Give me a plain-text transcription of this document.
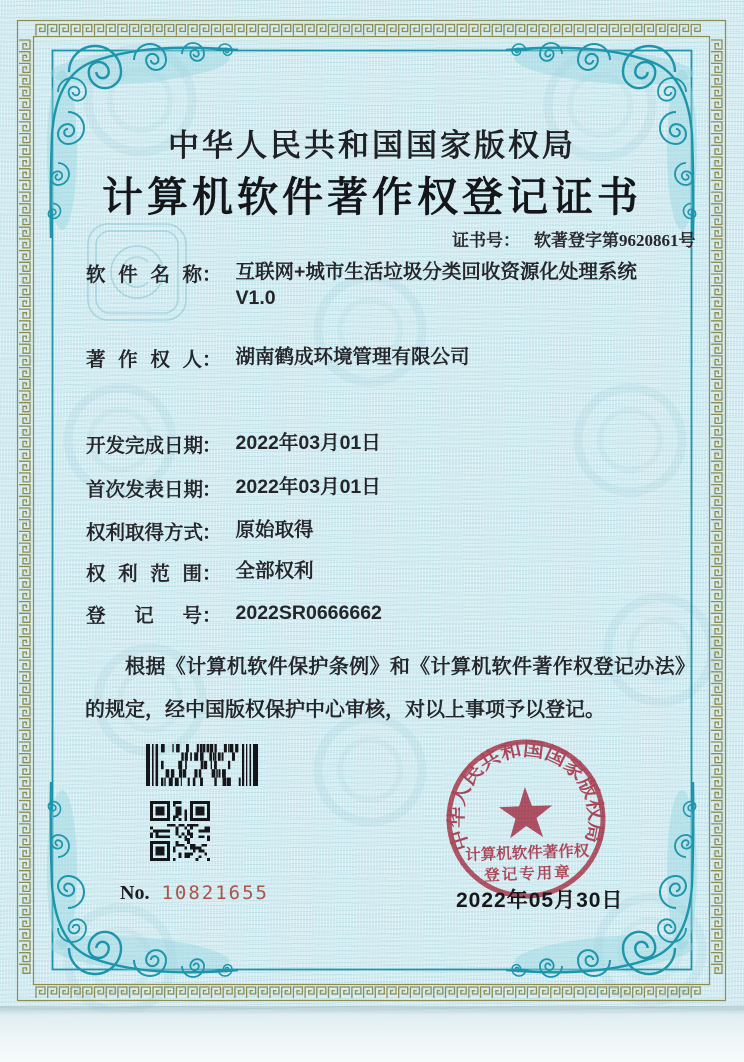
中华人民共和国国家版权局
计算机软件著作权登记证书
证书号： 软著登字第9620861号
软件名称 ： 互联网+城市生活垃圾分类回收资源化处理系统
V1.0
著作权人 ： 湖南鹤成环境管理有限公司
开发完成日期
： 2022年03月01日
首次发表日期
： 2022年03月01日
权利取得方式
： 原始取得
权利范围 ： 全部权利
登记号 ： 2022SR0666662
根据《计算机软件保护条例》和《计算机软件著作权登记办法》的规定，经中国版权保护中心审核，对以上事项予以登记。
No. 10821655	2022年05月30日
中华人民共和国国家版权局
计算机软件著作权
登记专用章
